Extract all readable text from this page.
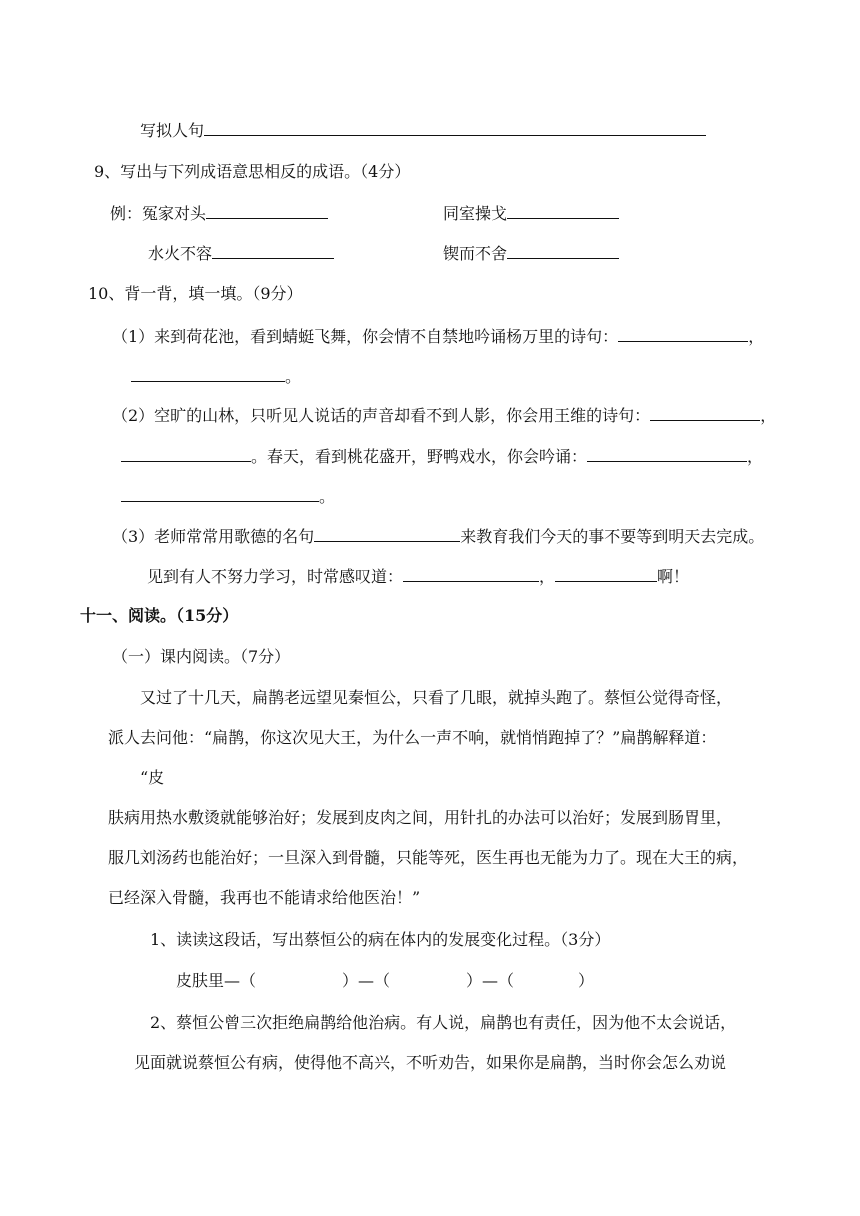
写拟人句
9、写出与下列成语意思相反的成语。（4分）
例：冤家对头	同室操戈
水火不容	锲而不舍
10、背一背，填一填。（9分）
（1）来到荷花池，看到蜻蜓飞舞，你会情不自禁地吟诵杨万里的诗句：	，
。
（2）空旷的山林，只听见人说话的声音却看不到人影，你会用王维的诗句：	，
。春天，看到桃花盛开，野鸭戏水，你会吟诵：	，
。
（3）老师常常用歌德的名句	来教育我们今天的事不要等到明天去完成。
见到有人不努力学习，时常感叹道：	，	啊！
十一、阅读。（15分）
（一）课内阅读。（7分）
又过了十几天，扁鹊老远望见秦恒公，只看了几眼，就掉头跑了。蔡恒公觉得奇怪，
派人去问他：“扁鹊，你这次见大王，为什么一声不响，就悄悄跑掉了？”扁鹊解释道：
“皮
肤病用热水敷烫就能够治好；发展到皮肉之间，用针扎的办法可以治好；发展到肠胃里，
服几刘汤药也能治好；一旦深入到骨髓，只能等死，医生再也无能为力了。现在大王的病，
已经深入骨髓，我再也不能请求给他医治！”
1、读读这段话，写出蔡恒公的病在体内的发展变化过程。（3分）
皮肤里—（	）—（	）—（	）
2、蔡恒公曾三次拒绝扁鹊给他治病。有人说，扁鹊也有责任，因为他不太会说话，
见面就说蔡恒公有病，使得他不高兴，不听劝告，如果你是扁鹊，当时你会怎么劝说
